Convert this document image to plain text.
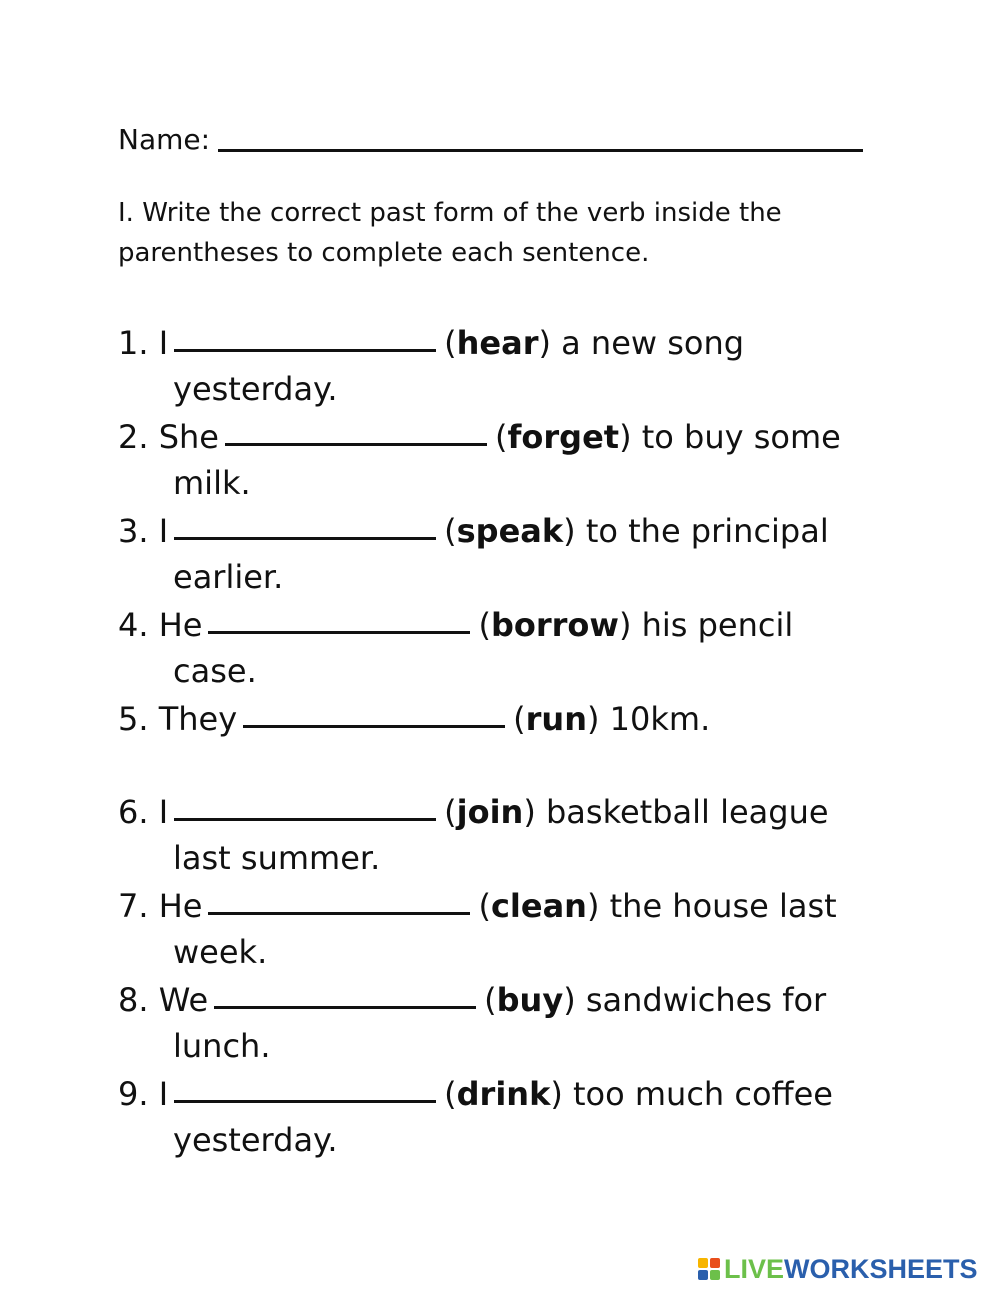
Name:

I. Write the correct past form of the verb inside the parentheses to complete each sentence.

1. I	(hear) a new song
yesterday.
2. She	(forget) to buy some
milk.
3. I	(speak) to the principal
earlier.
4. He	(borrow) his pencil
case.
5. They	(run) 10km.
6. I	(join) basketball league
last summer.
7. He	(clean) the house last
week.
8. We	(buy) sandwiches for
lunch.
9. I	(drink) too much coffee
yesterday.
LIVEWORKSHEETS
